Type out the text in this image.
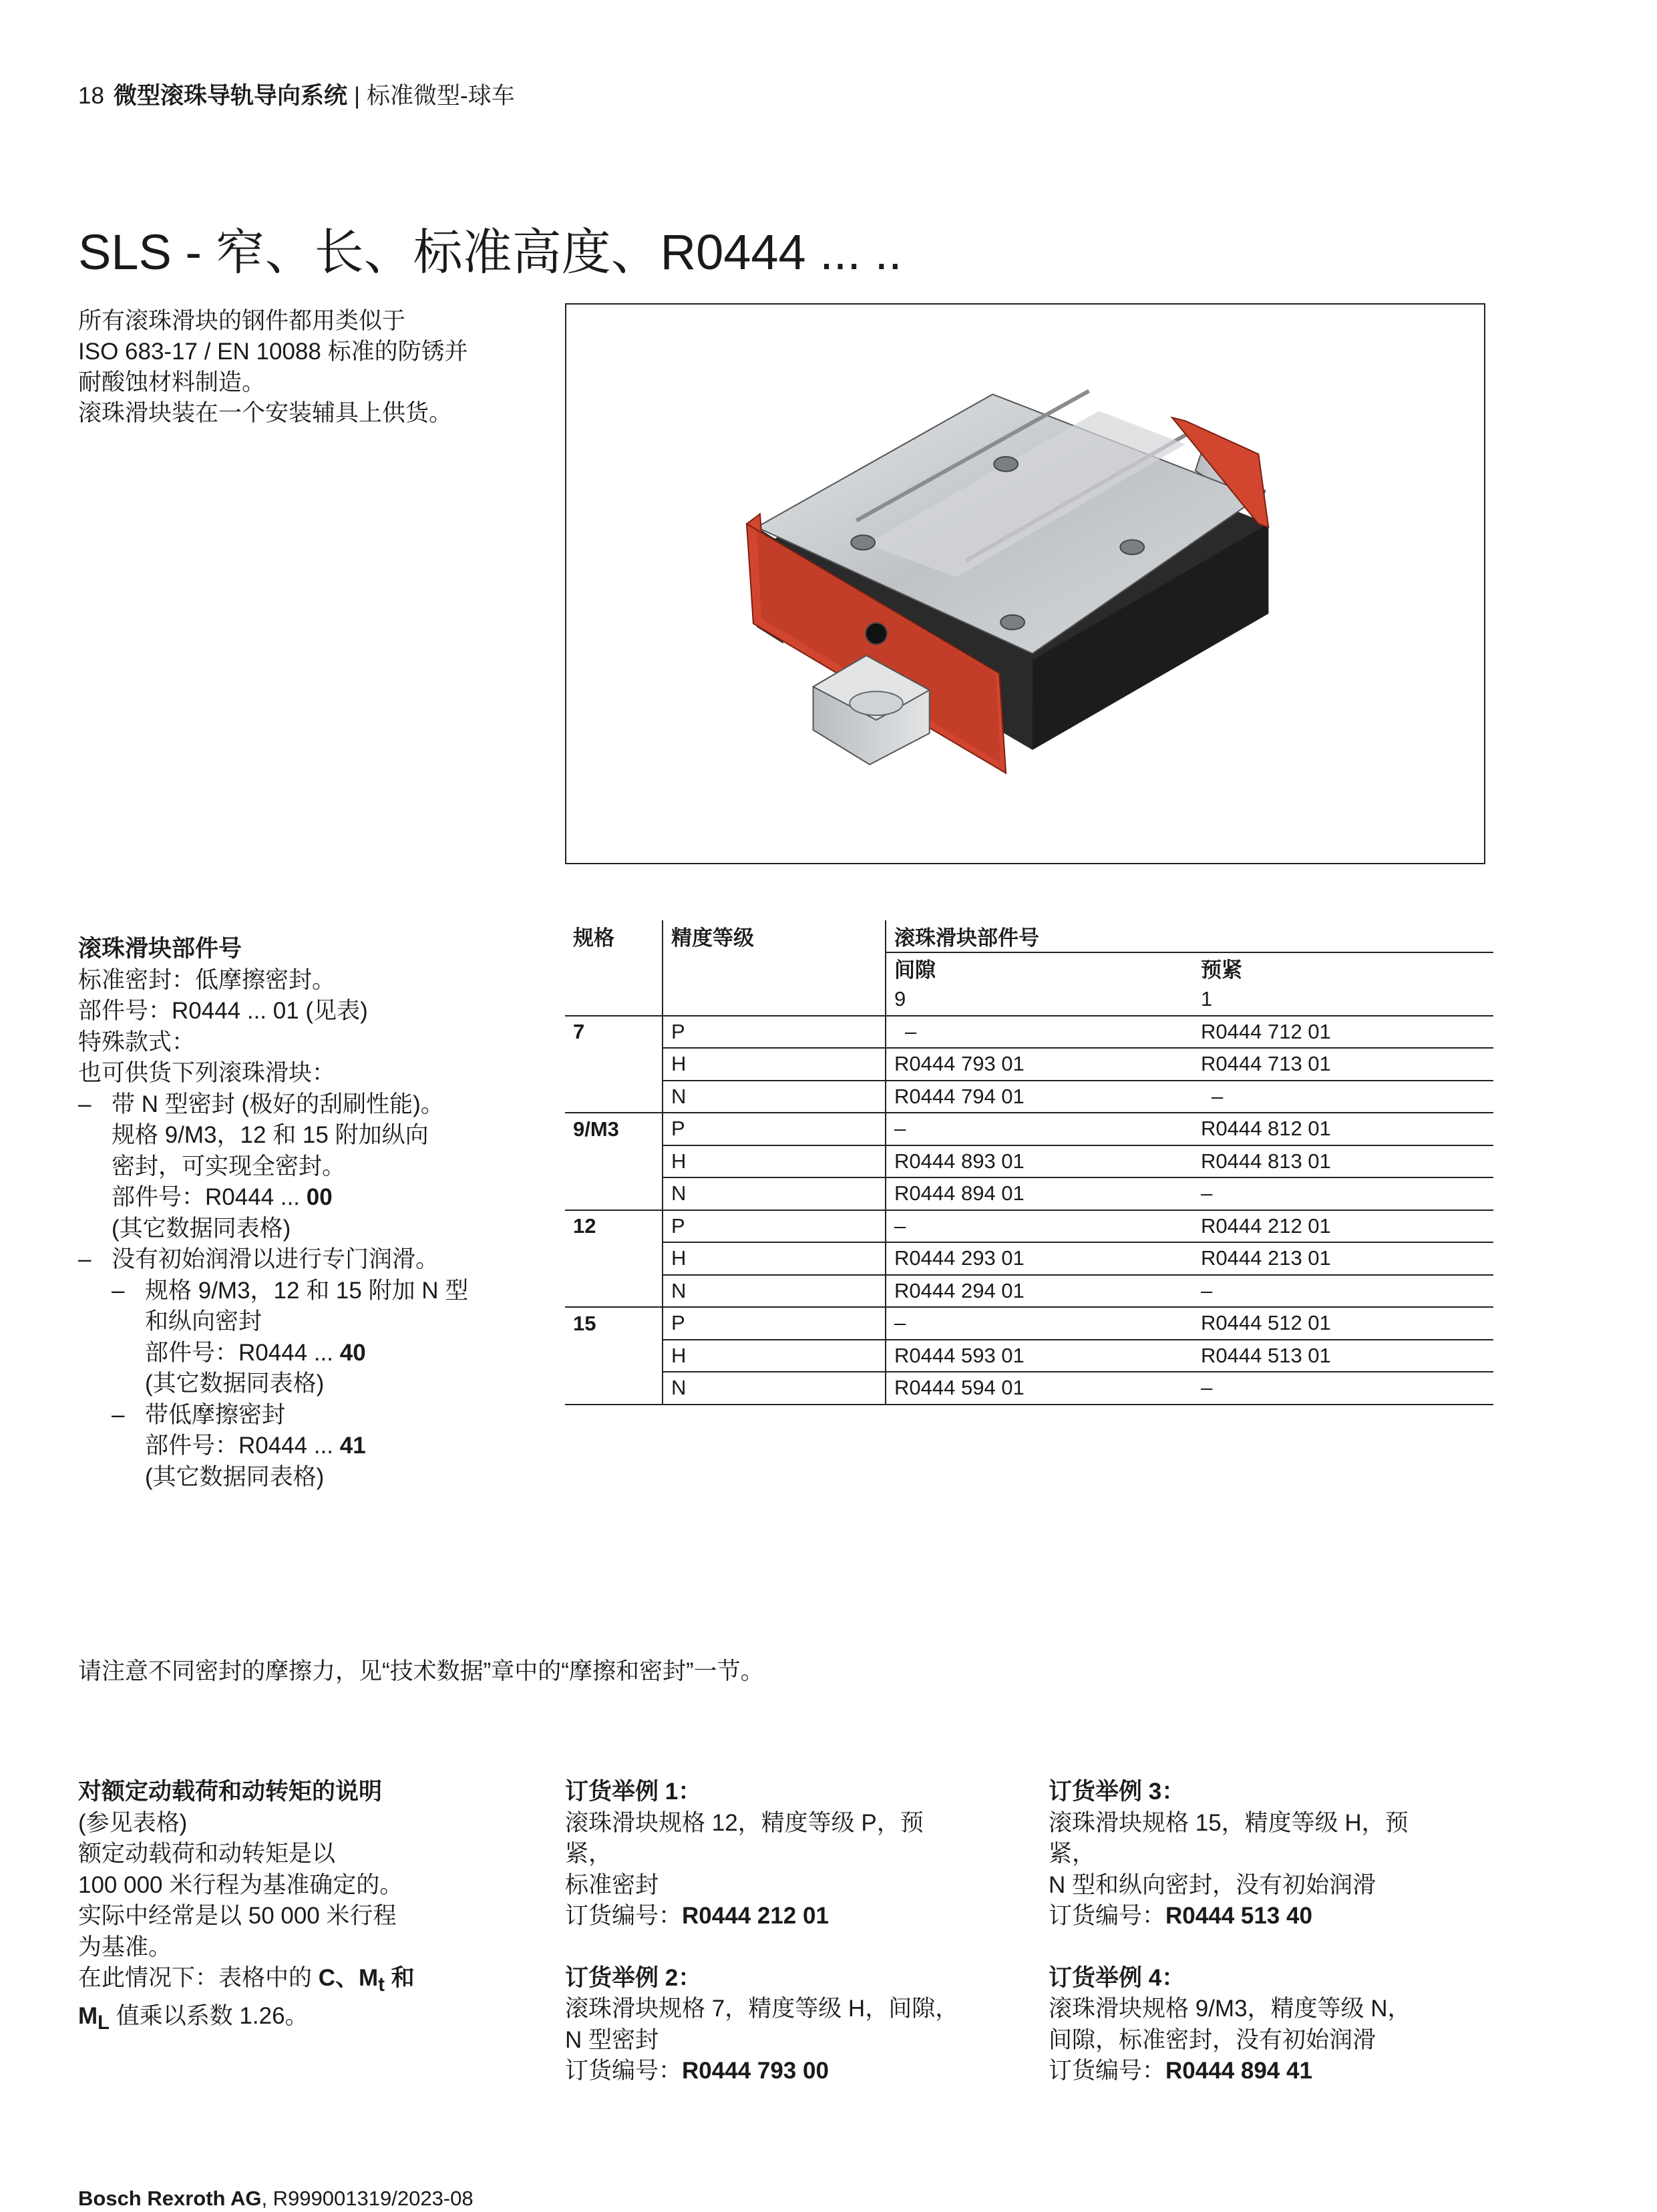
18 微型滚珠导轨导向系统 | 标准微型-球车
SLS - 窄、长、标准高度、R0444 ... ..
所有滚珠滑块的钢件都用类似于
ISO 683-17 / EN 10088 标准的防锈并
耐酸蚀材料制造。
滚珠滑块装在一个安装辅具上供货。
滚珠滑块部件号
标准密封：低摩擦密封。
部件号：R0444 ... 01 (见表)
特殊款式：
也可供货下列滚珠滑块：
– 带 N 型密封 (极好的刮刷性能)。
规格 9/M3，12 和 15 附加纵向
密封，可实现全密封。
部件号：R0444 ... 00
(其它数据同表格)
– 没有初始润滑以进行专门润滑。
– 规格 9/M3，12 和 15 附加 N 型
和纵向密封
部件号：R0444 ... 40
(其它数据同表格)
– 带低摩擦密封
部件号：R0444 ... 41
(其它数据同表格)
规格	精度等级	滚珠滑块部件号	
		间隙	预紧
		9	1
7	P	–	R0444 712 01
	H	R0444 793 01	R0444 713 01
	N	R0444 794 01	–
9/M3	P	–	R0444 812 01
	H	R0444 893 01	R0444 813 01
	N	R0444 894 01	–
12	P	–	R0444 212 01
	H	R0444 293 01	R0444 213 01
	N	R0444 294 01	–
15	P	–	R0444 512 01
	H	R0444 593 01	R0444 513 01
	N	R0444 594 01	–
请注意不同密封的摩擦力，见“技术数据”章中的“摩擦和密封”一节。
对额定动载荷和动转矩的说明
(参见表格)
额定动载荷和动转矩是以
100 000 米行程为基准确定的。
实际中经常是以 50 000 米行程
为基准。
在此情况下：表格中的 C、$M_t$ 和
$M_L$ 值乘以系数 1.26。
订货举例 1：
滚珠滑块规格 12，精度等级 P，预
紧，
标准密封
订货编号：R0444 212 01
订货举例 2：
滚珠滑块规格 7，精度等级 H，间隙，
N 型密封
订货编号：R0444 793 00
订货举例 3：
滚珠滑块规格 15，精度等级 H，预
紧，
N 型和纵向密封，没有初始润滑
订货编号：R0444 513 40
订货举例 4：
滚珠滑块规格 9/M3，精度等级 N，
间隙，标准密封，没有初始润滑
订货编号：R0444 894 41
Bosch Rexroth AG, R999001319/2023-08
